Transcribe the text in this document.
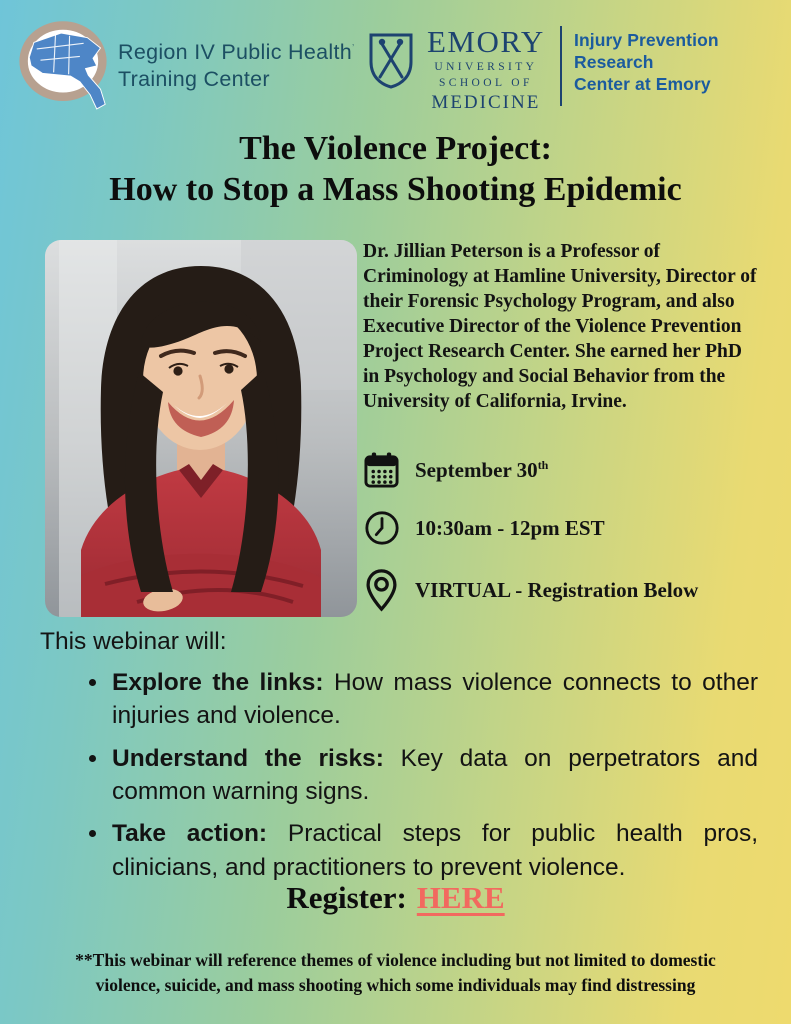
Region IV Public Health’
Training Center
EMORY
UNIVERSITY
SCHOOL OF
MEDICINE
Injury Prevention Research
Center at Emory
The Violence Project:
How to Stop a Mass Shooting Epidemic
Dr. Jillian Peterson is a Professor of Criminology at Hamline University, Director of their Forensic Psychology Program, and also Executive Director of the Violence Prevention Project Research Center. She earned her PhD in Psychology and Social Behavior from the University of California, Irvine.
September 30th
10:30am - 12pm EST
VIRTUAL - Registration Below
This webinar will:
• Explore the links: How mass violence connects to other injuries and violence.
• Understand the risks: Key data on perpetrators and common warning signs.
• Take action: Practical steps for public health pros, clinicians, and practitioners to prevent violence.
Register: HERE
**This webinar will reference themes of violence including but not limited to domestic violence, suicide, and mass shooting which some individuals may find distressing
